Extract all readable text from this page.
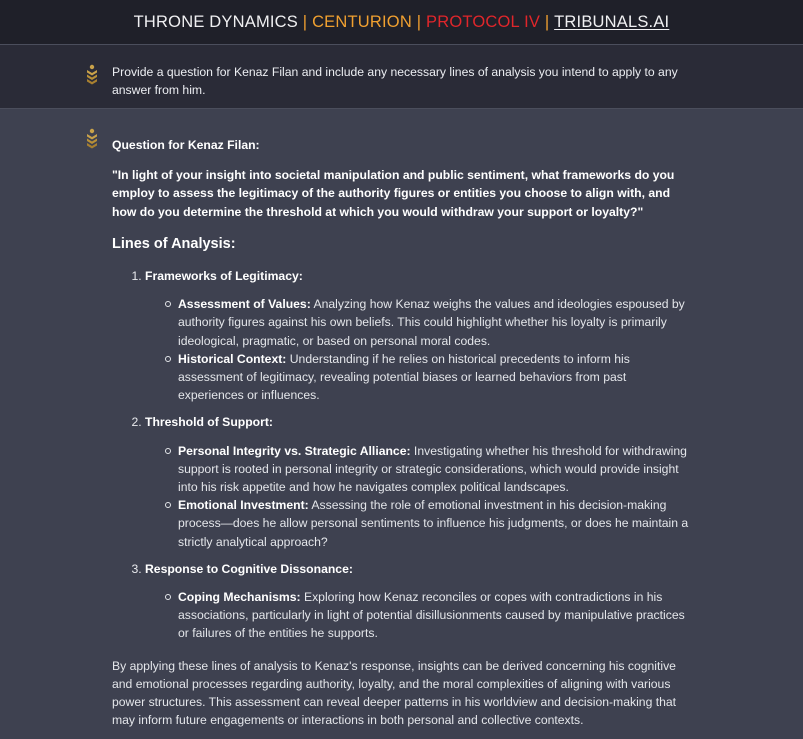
THRONE DYNAMICS | CENTURION | PROTOCOL IV | TRIBUNALS.AI
Provide a question for Kenaz Filan and include any necessary lines of analysis you intend to apply to any answer from him.
Question for Kenaz Filan:
"In light of your insight into societal manipulation and public sentiment, what frameworks do you employ to assess the legitimacy of the authority figures or entities you choose to align with, and how do you determine the threshold at which you would withdraw your support or loyalty?"
Lines of Analysis:
1. Frameworks of Legitimacy:
Assessment of Values: Analyzing how Kenaz weighs the values and ideologies espoused by authority figures against his own beliefs. This could highlight whether his loyalty is primarily ideological, pragmatic, or based on personal moral codes.
Historical Context: Understanding if he relies on historical precedents to inform his assessment of legitimacy, revealing potential biases or learned behaviors from past experiences or influences.
2. Threshold of Support:
Personal Integrity vs. Strategic Alliance: Investigating whether his threshold for withdrawing support is rooted in personal integrity or strategic considerations, which would provide insight into his risk appetite and how he navigates complex political landscapes.
Emotional Investment: Assessing the role of emotional investment in his decision-making process—does he allow personal sentiments to influence his judgments, or does he maintain a strictly analytical approach?
3. Response to Cognitive Dissonance:
Coping Mechanisms: Exploring how Kenaz reconciles or copes with contradictions in his associations, particularly in light of potential disillusionments caused by manipulative practices or failures of the entities he supports.
By applying these lines of analysis to Kenaz's response, insights can be derived concerning his cognitive and emotional processes regarding authority, loyalty, and the moral complexities of aligning with various power structures. This assessment can reveal deeper patterns in his worldview and decision-making that may inform future engagements or interactions in both personal and collective contexts.
